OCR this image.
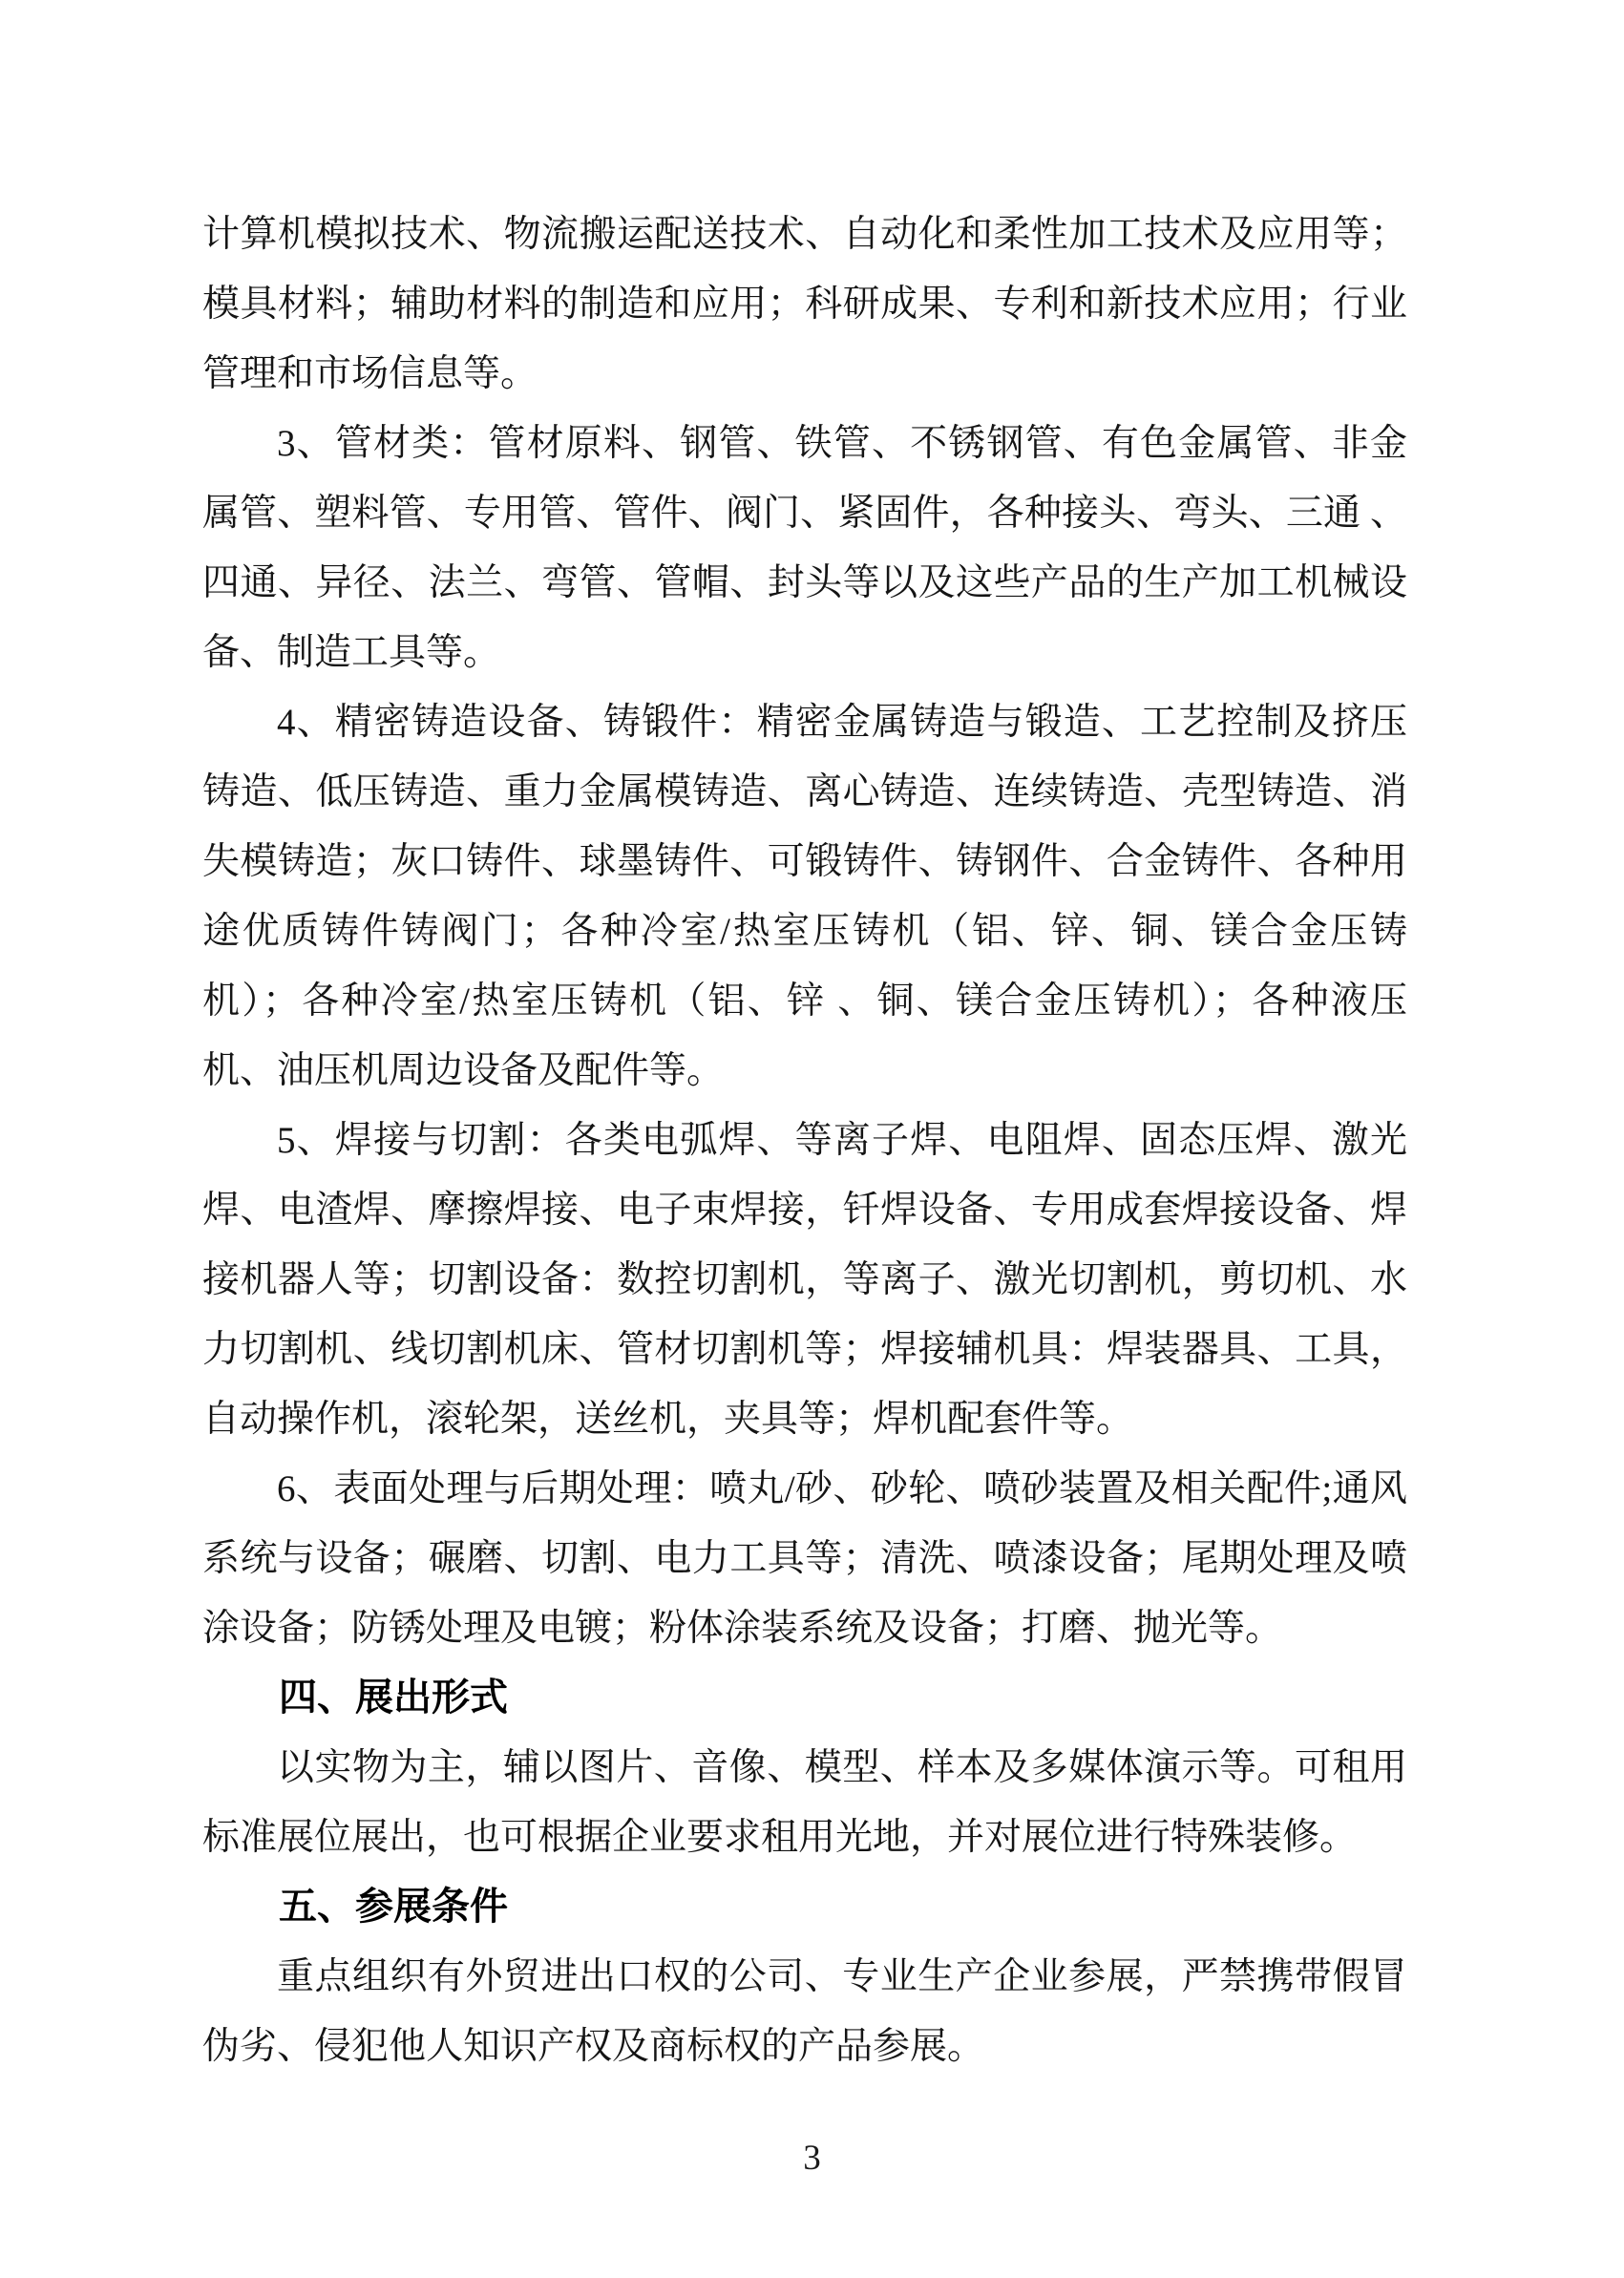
计算机模拟技术、物流搬运配送技术、自动化和柔性加工技术及应用等；模具材料；辅助材料的制造和应用；科研成果、专利和新技术应用；行业管理和市场信息等。

3、管材类：管材原料、钢管、铁管、不锈钢管、有色金属管、非金属管、塑料管、专用管、管件、阀门、紧固件，各种接头、弯头、三通 、四通、异径、法兰、弯管、管帽、封头等以及这些产品的生产加工机械设备、制造工具等。

4、精密铸造设备、铸锻件：精密金属铸造与锻造、工艺控制及挤压铸造、低压铸造、重力金属模铸造、离心铸造、连续铸造、壳型铸造、消失模铸造；灰口铸件、球墨铸件、可锻铸件、铸钢件、合金铸件、各种用途优质铸件铸阀门；各种冷室/热室压铸机（铝、锌、铜、镁合金压铸机）；各种冷室/热室压铸机（铝、锌 、铜、镁合金压铸机）；各种液压机、油压机周边设备及配件等。

5、焊接与切割：各类电弧焊、等离子焊、电阻焊、固态压焊、激光焊、电渣焊、摩擦焊接、电子束焊接，钎焊设备、专用成套焊接设备、焊接机器人等；切割设备：数控切割机，等离子、激光切割机，剪切机、水力切割机、线切割机床、管材切割机等；焊接辅机具：焊装器具、工具，自动操作机，滚轮架，送丝机，夹具等；焊机配套件等。

6、表面处理与后期处理：喷丸/砂、砂轮、喷砂装置及相关配件;通风系统与设备；碾磨、切割、电力工具等；清洗、喷漆设备；尾期处理及喷涂设备；防锈处理及电镀；粉体涂装系统及设备；打磨、抛光等。

四、展出形式

以实物为主，辅以图片、音像、模型、样本及多媒体演示等。可租用标准展位展出，也可根据企业要求租用光地，并对展位进行特殊装修。

五、参展条件

重点组织有外贸进出口权的公司、专业生产企业参展，严禁携带假冒伪劣、侵犯他人知识产权及商标权的产品参展。

3
